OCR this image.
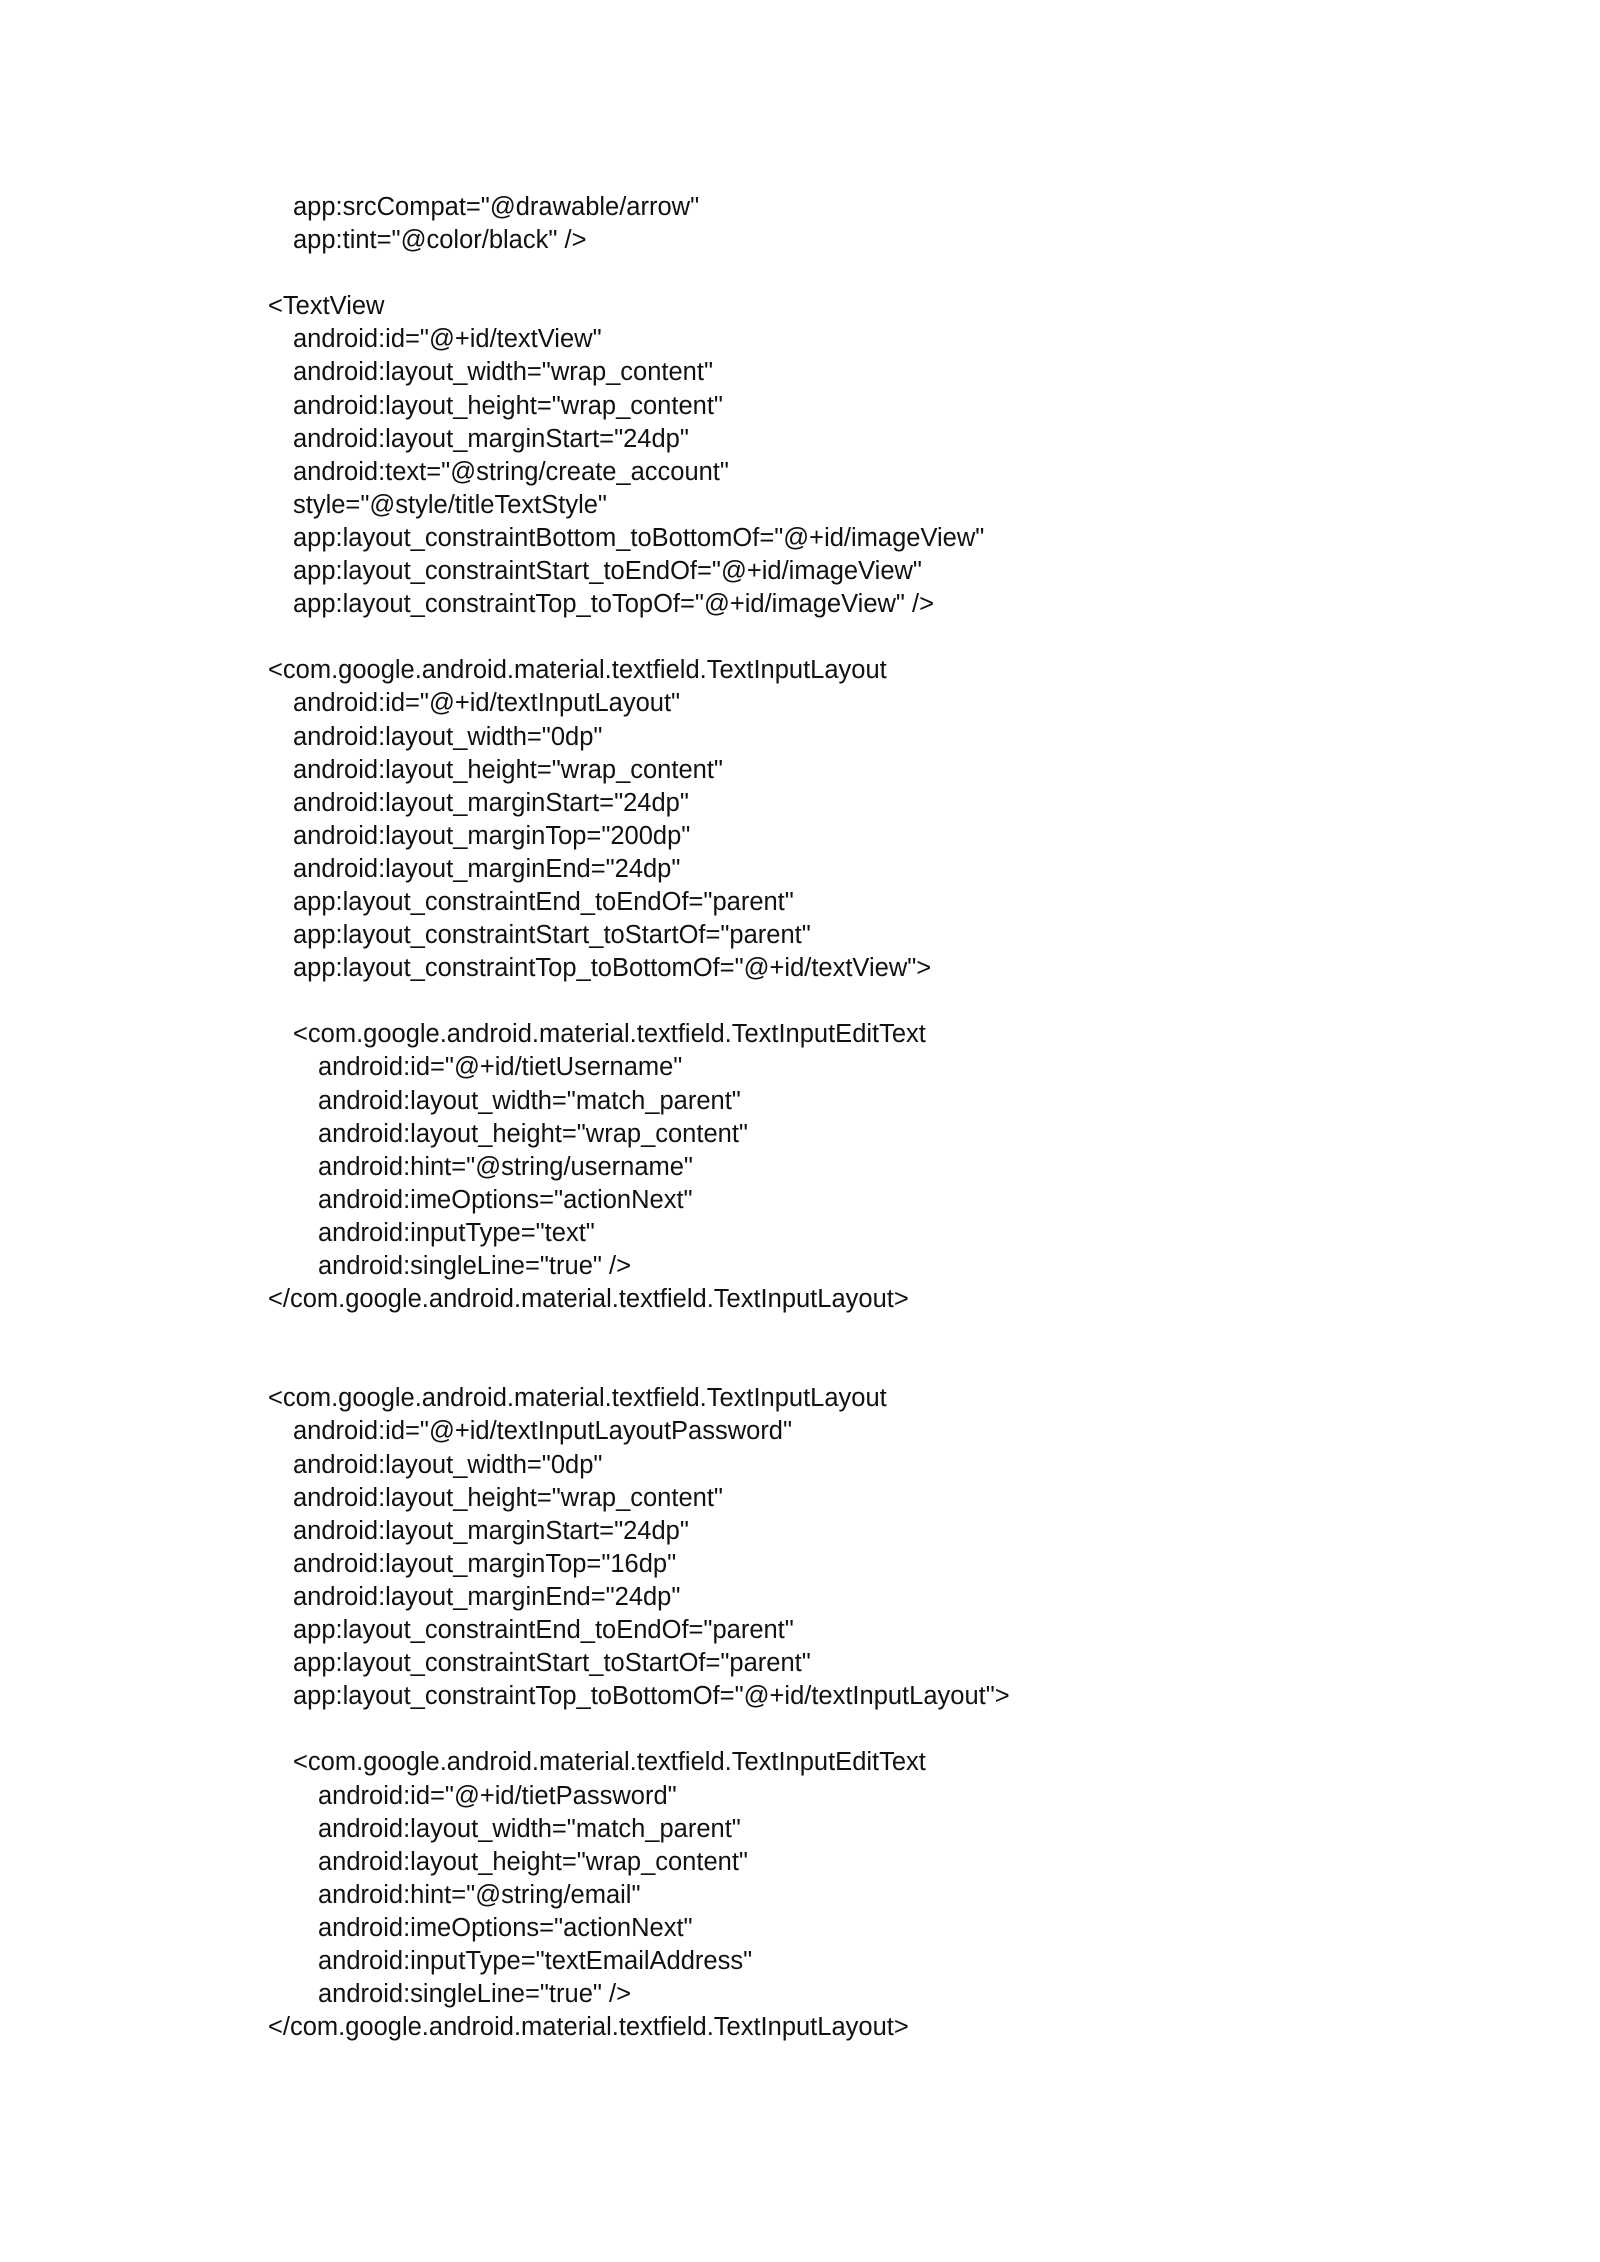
app:srcCompat="@drawable/arrow"
app:tint="@color/black" />
<TextView
android:id="@+id/textView"
android:layout_width="wrap_content"
android:layout_height="wrap_content"
android:layout_marginStart="24dp"
android:text="@string/create_account"
style="@style/titleTextStyle"
app:layout_constraintBottom_toBottomOf="@+id/imageView"
app:layout_constraintStart_toEndOf="@+id/imageView"
app:layout_constraintTop_toTopOf="@+id/imageView" />
<com.google.android.material.textfield.TextInputLayout
android:id="@+id/textInputLayout"
android:layout_width="0dp"
android:layout_height="wrap_content"
android:layout_marginStart="24dp"
android:layout_marginTop="200dp"
android:layout_marginEnd="24dp"
app:layout_constraintEnd_toEndOf="parent"
app:layout_constraintStart_toStartOf="parent"
app:layout_constraintTop_toBottomOf="@+id/textView">
<com.google.android.material.textfield.TextInputEditText
android:id="@+id/tietUsername"
android:layout_width="match_parent"
android:layout_height="wrap_content"
android:hint="@string/username"
android:imeOptions="actionNext"
android:inputType="text"
android:singleLine="true" />
</com.google.android.material.textfield.TextInputLayout>
<com.google.android.material.textfield.TextInputLayout
android:id="@+id/textInputLayoutPassword"
android:layout_width="0dp"
android:layout_height="wrap_content"
android:layout_marginStart="24dp"
android:layout_marginTop="16dp"
android:layout_marginEnd="24dp"
app:layout_constraintEnd_toEndOf="parent"
app:layout_constraintStart_toStartOf="parent"
app:layout_constraintTop_toBottomOf="@+id/textInputLayout">
<com.google.android.material.textfield.TextInputEditText
android:id="@+id/tietPassword"
android:layout_width="match_parent"
android:layout_height="wrap_content"
android:hint="@string/email"
android:imeOptions="actionNext"
android:inputType="textEmailAddress"
android:singleLine="true" />
</com.google.android.material.textfield.TextInputLayout>
